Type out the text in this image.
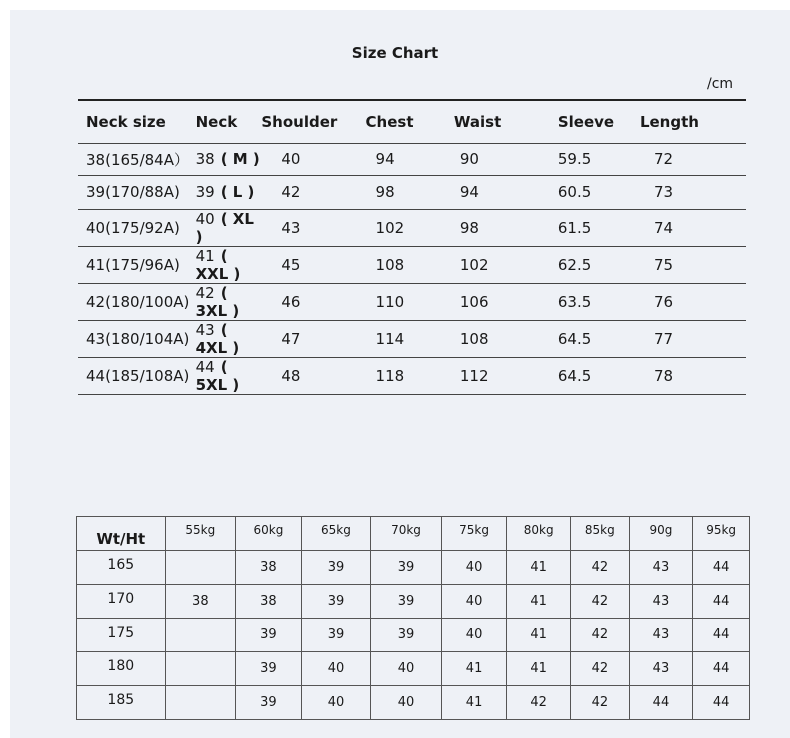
Size Chart
/cm
Neck size	Neck	Shoulder	Chest	Waist	Sleeve	Length
38(165/84A）	38 ( M )	40	94	90	59.5	72
39(170/88A)	39 ( L )	42	98	94	60.5	73
40(175/92A)	40 ( XL )	43	102	98	61.5	74
41(175/96A)	41 ( XXL )	45	108	102	62.5	75
42(180/100A)	42 ( 3XL )	46	110	106	63.5	76
43(180/104A)	43 ( 4XL )	47	114	108	64.5	77
44(185/108A)	44 ( 5XL )	48	118	112	64.5	78
Wt/Ht	55kg	60kg	65kg	70kg	75kg	80kg	85kg	90g	95kg
165		38	39	39	40	41	42	43	44
170	38	38	39	39	40	41	42	43	44
175		39	39	39	40	41	42	43	44
180		39	40	40	41	41	42	43	44
185		39	40	40	41	42	42	44	44
